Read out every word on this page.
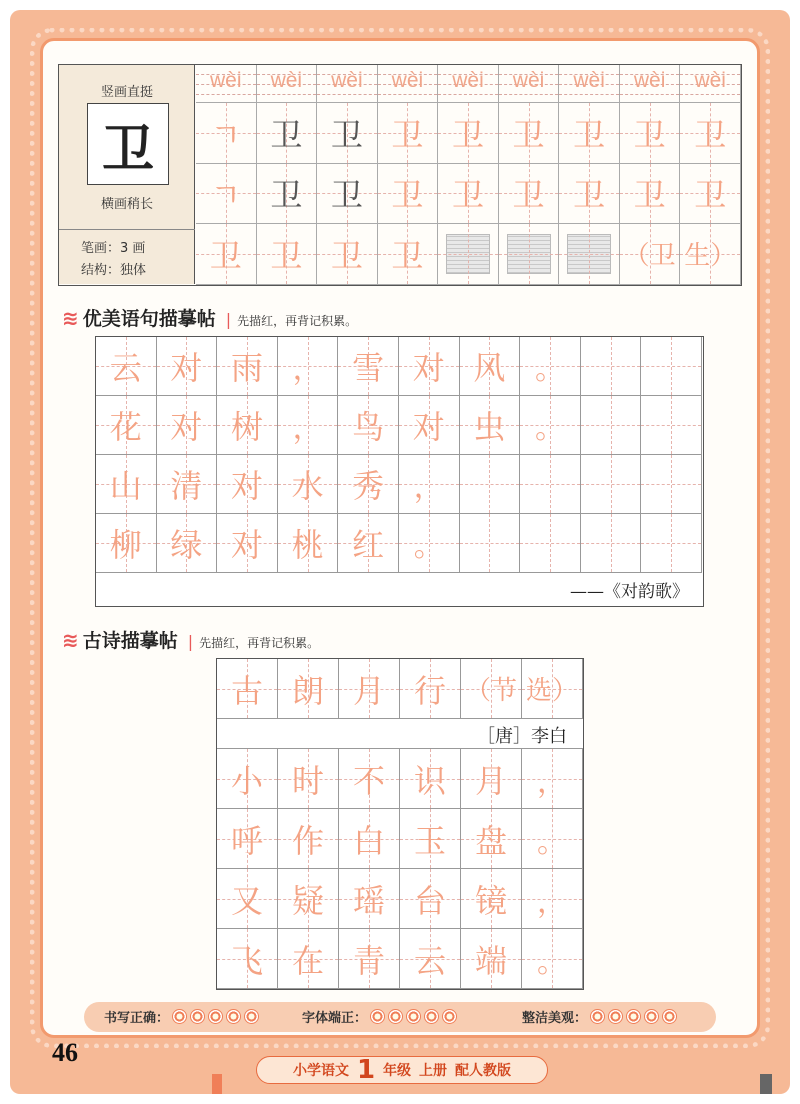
竖画直挺
卫
横画稍长
笔画：3 画
结构：独体
wèi	wèi	wèi	wèi	wèi	wèi	wèi	wèi	wèi
ㄱ 卫 卫 卫 卫 卫 卫 卫 卫
ㄱ 卫 卫 卫 卫 卫 卫 卫 卫
卫 卫 卫 卫	（卫 生）
≋ 优美语句描摹帖 | 先描红，再背记积累。
——《对韵歌》
云 对 雨 ， 雪 对 风 。
花 对 树 ， 鸟 对 虫 。
山 清 对 水 秀 ，
柳 绿 对 桃 红 。
≋ 古诗描摹帖 | 先描红，再背记积累。
［唐］李白
古 朗 月 行 （节 选）
小 时 不 识 月 ，
呼 作 白 玉 盘 。
又 疑 瑶 台 镜 ，
飞 在 青 云 端 。
书写正确：	字体端正：	整洁美观：
46
小学语文 1 年级 上册 配人教版
